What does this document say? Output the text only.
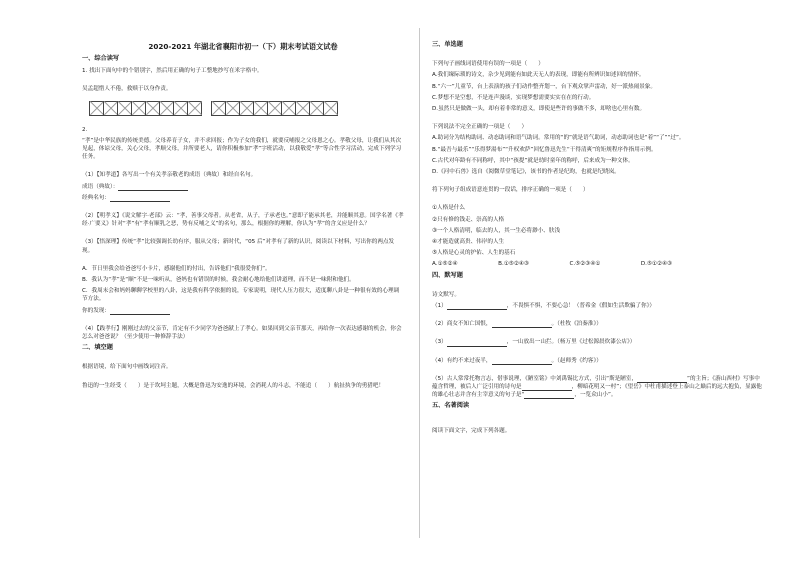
2020-2021 年湖北省襄阳市初一（下）期末考试语文试卷
一、综合读写

1. 找出下面句中的个错别字，然后用正确的句子工整地抄写在米字格中。

吴孟超惜人不倦，救赎于以身作责。

2.

“孝”是中华民族的传统美德。父母养育子女，并不求回报；作为子女的我们，就要反哺报之父母恩之心。孝敬父母，让我们从其次见起，体谅父母，关心父母，孝顺父母，并所要老人，请你积极参加“孝”字班活动，以我敬爱“孝”等合性学习活动，完成下列学习任务。

（1）【知孝道】各写出一个有关孝亲敬老的成语（典故）和经自名句。

成语（典故）：

经典名句：

（2）【明孝义】《说文解字·老部》云：“孝，善事父母者。从老省，从子，子承老也。”意即子能承其老，并能顺其意。国学名著《孝经·广要义》针对“孝”有“孝有顺乳之恶，势有反哺之义”的名句，那么，根据你的理解，你认为“孝”的含义应是什么？

（3）【悟深理】传统“孝”比较强调长幼有序，服从父母；新时代，“05 后”对孝有了新的认识，阅读以下材料，写出你的两点发现。

A．节日里我会给爸爸写小卡片，感谢他们的付出，告诉他们“我很爱你们”。

B．我认为“孝”是“顺”不是一味听从，爸妈也有错误的时候，我会耐心地给他们讲道理，而不是一味附和他们。

C．我周末会和妈妈聊聊学校里的八卦，这是我有科学依据的说，专家说明，现代人压力很大，适度聊八卦是一种很有效的心理调节方法。

你的发现：

（4）【践孝行】刚刚过去的父亲节，肯定有不少同学为爸爸献上了孝心。如果回到父亲节那天，再给你一次表达感谢的机会，你会怎么对爸爸说？（至少使用一种修辞手法）

二、填空题

根据语境，给下面句中画线词注音。

鲁迅的一生经受（　　）是于坎坷主题，大概是鲁迅为安逸的环境，会消耗人的斗志，不能追（　　）航扯执争的勇猎吧！

三、单选题

下列句子画线词语使用有误的一项是（　　）

A.我们缘际琐的诗文，杂少见到能有如此天无人的表现，即能有所辨识如述回的情怀。

B.“六一”儿童节，台上表演的孩子们动作整齐划一，台下观众掌声雷动，好一派热闹景象。

C.梦想不是空想，不是连声漫谈，实现梦想需要实实在在的行动。

D.虽然只是做做一头，却有着非常的意义，即使是些许的事做不多，却啥也心里有数。

下列说法不完全正确的一项是（　　）

A.助词分为结构助词、动态助词和语气助词。常用的“的”就是语气助词，动态助词也是“着”“了”“过”。

B.“最吾与最乐”“乐得梦湯布”“升权欢萨”回忆鲁迅先生“干得清爽”的矩规程序作指用示例。

C.古代对年龄有不同称呼，其中“孩提”就是幼时童年的称呼，后来成为一种文体。

D.《河中石兽》选自《阅微草堂笔记》，该书的作者是纪昀，也就是纪晓岚。

将下列句子组成语意连贯的一段话，排序正确的一项是（　　）

①人格是什么

②只有修的钱走、崇高的人格

③一个人格清明，临去的人，其一生必将渺小、肤浅

④才能造就高贵、伟岸的人生

⑤人格是心灵的护佑、人生的基石

A.①⑤②④	B.①⑤②④③	C.⑤②③④①	D.⑤①②④③
四、默写题

诗文默写。

（1）	，不畏惧不惧，不要心急！（普希金《假如生活欺骗了你》）

（2）商女不知亡国恨，	。（杜牧《泊秦淮》）

（3）	，一山放出一山拦。（杨万里《过松源晨炊漆公店》）

（4）有约不来过夜半，	。（赵师秀《约客》）

（5）古人常常托物言志，借事说理，《陋室铭》中刘禹锡比方式，引出“斯是陋室，	”的主旨；《游山西村》写事中蕴含哲理，被后人广泛引用的诗句是	，柳暗花明又一村”；《望岳》中杜甫描述登上泰山之巅后的远大抱负，显露他的雄心壮志并含有主宰意义的句子是“	，一览众山小”。

五、名著阅读

阅读下面文字，完成下列各题。
